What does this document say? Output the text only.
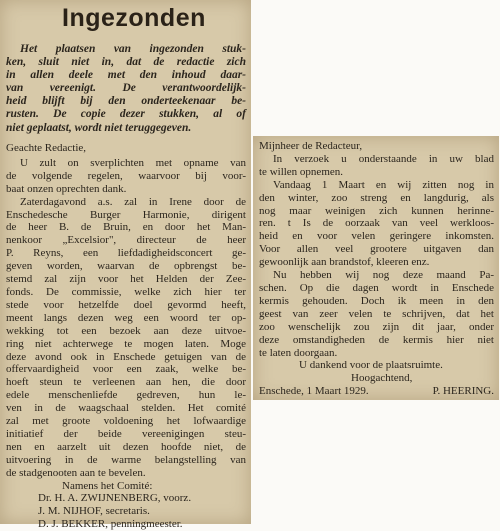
Ingezonden
Het plaatsen van ingezonden stuk-
ken, sluit niet in, dat de redactie zich
in allen deele met den inhoud daar-
van vereenigt. De verantwoordelijk-
heid blijft bij den onderteekenaar be-
rusten. De copie dezer stukken, al of
niet geplaatst, wordt niet teruggegeven.
Geachte Redactie,
U zult on sverplichten met opname van
de volgende regelen, waarvoor bij voor-
baat onzen oprechten dank.
Zaterdagavond a.s. zal in Irene door de
Enschedesche Burger Harmonie, dirigent
de heer B. de Bruin, en door het Man-
nenkoor „Excelsior", directeur de heer
P. Reyns, een liefdadigheidsconcert ge-
geven worden, waarvan de opbrengst be-
stemd zal zijn voor het Helden der Zee-
fonds. De commissie, welke zich hier ter
stede voor hetzelfde doel gevormd heeft,
meent langs dezen weg een woord ter op-
wekking tot een bezoek aan deze uitvoe-
ring niet achterwege te mogen laten. Moge
deze avond ook in Enschede getuigen van de
offervaardigheid voor een zaak, welke be-
hoeft steun te verleenen aan hen, die door
edele menschenliefde gedreven, hun le-
ven in de waagschaal stelden. Het comité
zal met groote voldoening het lofwaardige
initiatief der beide vereenigingen steu-
nen en aarzelt uit dezen hoofde niet, de
uitvoering in de warme belangstelling van
de stadgenooten aan te bevelen.
Namens het Comité:
Dr. H. A. ZWIJNENBERG, voorz.
J. M. NIJHOF, secretaris.
D. J. BEKKER, penningmeester.
Mijnheer de Redacteur,
In verzoek u onderstaande in uw blad
te willen opnemen.
Vandaag 1 Maart en wij zitten nog in
den winter, zoo streng en langdurig, als
nog maar weinigen zich kunnen herinne-
ren. t Is de oorzaak van veel werkloos-
heid en voor velen geringere inkomsten.
Voor allen veel grootere uitgaven dan
gewoonlijk aan brandstof, kleeren enz.
Nu hebben wij nog deze maand Pa-
schen. Op die dagen wordt in Enschede
kermis gehouden. Doch ik meen in den
geest van zeer velen te schrijven, dat het
zoo wenschelijk zou zijn dit jaar, onder
deze omstandigheden de kermis hier niet
te laten doorgaan.
U dankend voor de plaatsruimte.
Hoogachtend,
Enschede, 1 Maart 1929.	P. HEERING.
